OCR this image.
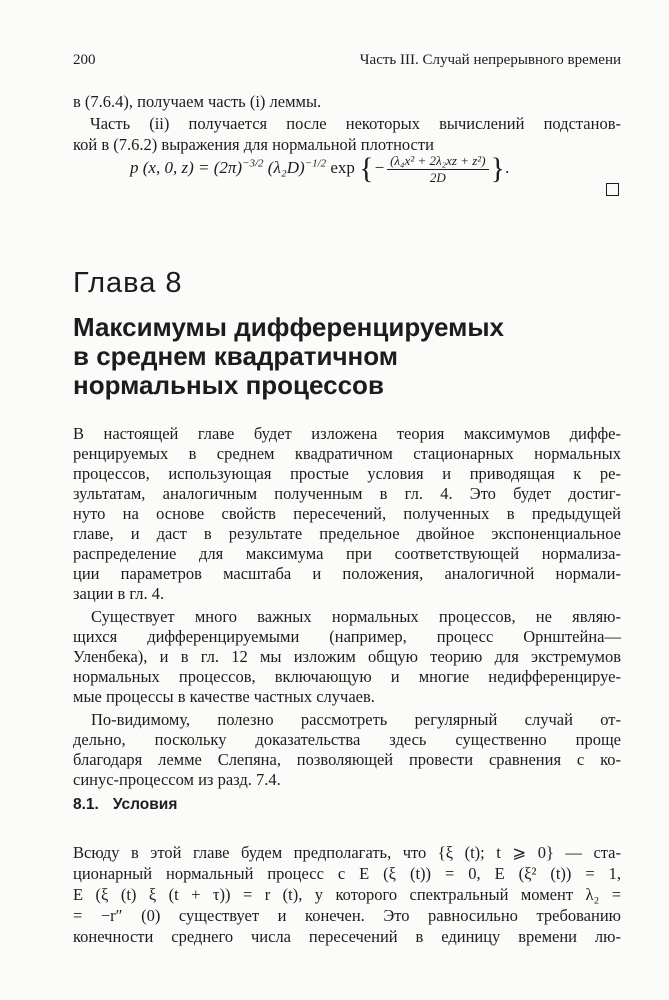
200	Часть III. Случай непрерывного времени
в (7.6.4), получаем часть (i) леммы.
Часть (ii) получается после некоторых вычислений подстанов-
кой в (7.6.2) выражения для нормальной плотности
p (x, 0, $z) = (2\pi)^{-3/2}$ $(\lambda_2D)^{-1/2}$ exp {− $\frac{\text{(λ₄x² + 2λ₂xz + z²)}}{2D}$ }.
Глава 8
Максимумы дифференцируемых
в среднем квадратичном
нормальных процессов
В настоящей главе будет изложена теория максимумов диффе-
ренцируемых в среднем квадратичном стационарных нормальных
процессов, использующая простые условия и приводящая к ре-
зультатам, аналогичным полученным в гл. 4. Это будет достиг-
нуто на основе свойств пересечений, полученных в предыдущей
главе, и даст в результате предельное двойное экспоненциальное
распределение для максимума при соответствующей нормализа-
ции параметров масштаба и положения, аналогичной нормали-
зации в гл. 4.
Существует много важных нормальных процессов, не являю-
щихся дифференцируемыми (например, процесс Орнштейна—
Уленбека), и в гл. 12 мы изложим общую теорию для экстремумов
нормальных процессов, включающую и многие недифференцируе-
мые процессы в качестве частных случаев.
По-видимому, полезно рассмотреть регулярный случай от-
дельно, поскольку доказательства здесь существенно проще
благодаря лемме Слепяна, позволяющей провести сравнения с ко-
синус-процессом из разд. 7.4.
8.1. Условия
Всюду в этой главе будем предполагать, что {ξ (t); t ⩾ 0} — ста-
ционарный нормальный процесс с E (ξ (t)) = 0, E (ξ² (t)) = 1,
E (ξ (t) ξ (t + τ)) = r (t), у которого спектральный момент λ₂ =
= −r″ (0) существует и конечен. Это равносильно требованию
конечности среднего числа пересечений в единицу времени лю-
